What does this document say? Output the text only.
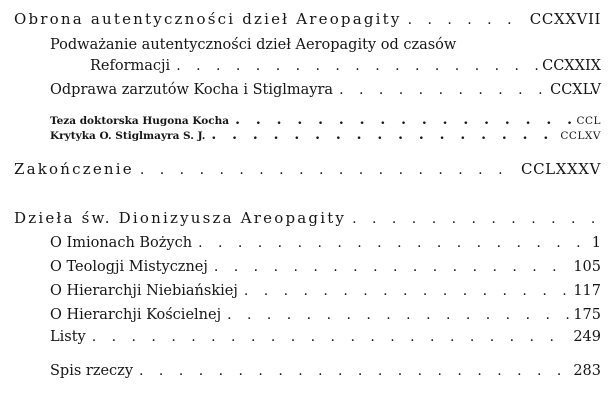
Obrona autentyczności dzieł Areopagity . . .	CCXXVII
Podważanie autentyczności dzieł Aeropagity od czasów
Reformacji . . .	CCXXIX
Odprawa zarzutów Kocha i Stiglmayra . . .	CCXLV
Teza doktorska Hugona Kocha . . .	CCL
Krytyka O. Stiglmayra S. J. . . .	CCLXV
Zakończenie . . .	CCLXXXV
Dzieła św. Dionizyusza Areopagity
. . .
O Imionach Bożych . . .	1
O Teologji Mistycznej . . .	105
O Hierarchji Niebiańskiej . . .	117
O Hierarchji Kościelnej . . .	175
Listy . . .	249
Spis rzeczy . . .	283
